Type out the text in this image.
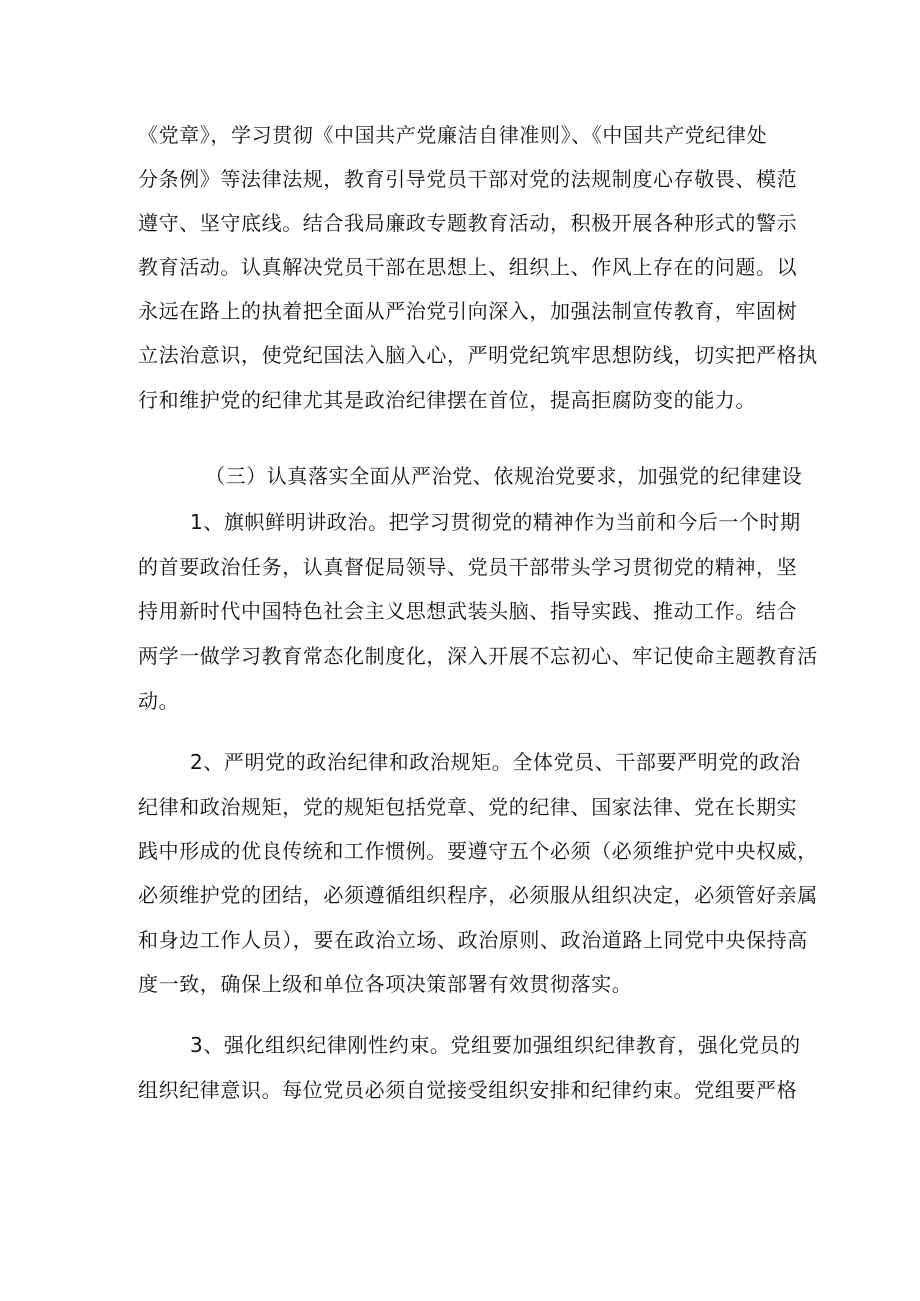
《党章》，学习贯彻《中国共产党廉洁自律准则》、《中国共产党纪律处
分条例》等法律法规，教育引导党员干部对党的法规制度心存敬畏、模范
遵守、坚守底线。结合我局廉政专题教育活动，积极开展各种形式的警示
教育活动。认真解决党员干部在思想上、组织上、作风上存在的问题。以
永远在路上的执着把全面从严治党引向深入，加强法制宣传教育，牢固树
立法治意识，使党纪国法入脑入心，严明党纪筑牢思想防线，切实把严格执
行和维护党的纪律尤其是政治纪律摆在首位，提高拒腐防变的能力。
（三）认真落实全面从严治党、依规治党要求，加强党的纪律建设
1、旗帜鲜明讲政治。把学习贯彻党的精神作为当前和今后一个时期
的首要政治任务，认真督促局领导、党员干部带头学习贯彻党的精神，坚
持用新时代中国特色社会主义思想武装头脑、指导实践、推动工作。结合
两学一做学习教育常态化制度化，深入开展不忘初心、牢记使命主题教育活
动。
2、严明党的政治纪律和政治规矩。全体党员、干部要严明党的政治
纪律和政治规矩，党的规矩包括党章、党的纪律、国家法律、党在长期实
践中形成的优良传统和工作惯例。要遵守五个必须（必须维护党中央权威，
必须维护党的团结，必须遵循组织程序，必须服从组织决定，必须管好亲属
和身边工作人员），要在政治立场、政治原则、政治道路上同党中央保持高
度一致，确保上级和单位各项决策部署有效贯彻落实。
3、强化组织纪律刚性约束。党组要加强组织纪律教育，强化党员的
组织纪律意识。每位党员必须自觉接受组织安排和纪律约束。党组要严格
